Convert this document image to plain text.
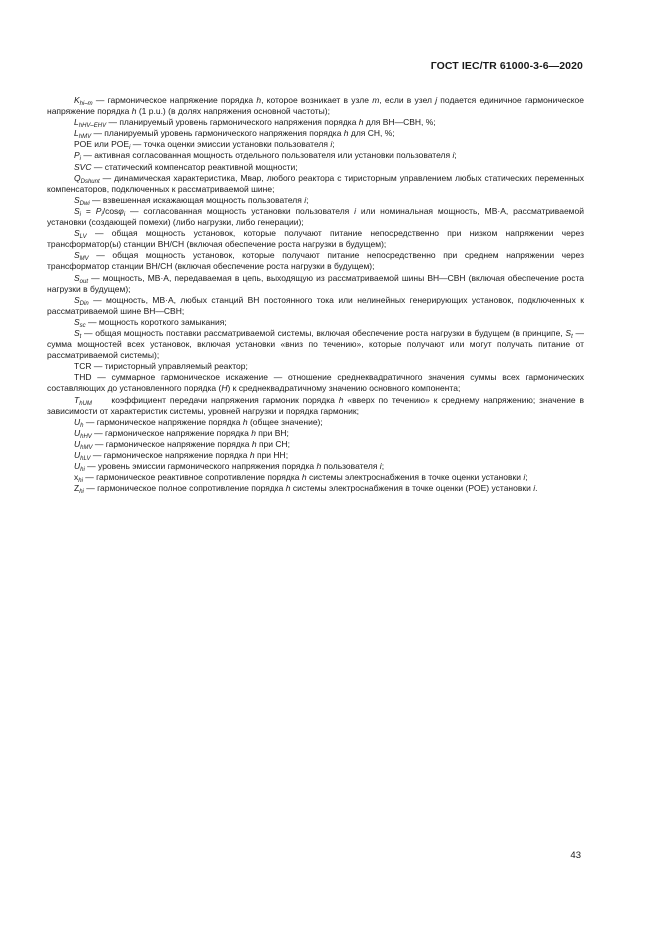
ГОСТ IEC/TR 61000-3-6—2020

$K_{hi-m}$ — гармоническое напряжение порядка h, которое возникает в узле m, если в узел j подается единичное гармоническое напряжение порядка h (1 p.u.) (в долях напряжения основной частоты);

$L_{hHV-EHV}$ — планируемый уровень гармонического напряжения порядка h для ВН—СВН, %;

$L_{hMV}$ — планируемый уровень гармонического напряжения порядка h для СН, %;

POE или $POE_i$ — точка оценки эмиссии установки пользователя i;

$P_i$ — активная согласованная мощность отдельного пользователя или установки пользователя i;

SVC — статический компенсатор реактивной мощности;

$Q_{Dshunt}$ — динамическая характеристика, Мвар, любого реактора с тиристорным управлением любых статических переменных компенсаторов, подключенных к рассматриваемой шине;

$S_{Dwi}$ — взвешенная искажающая мощность пользователя i;

$S_i = P_i/\cos\varphi_i$ — согласованная мощность установки пользователя i или номинальная мощность, МВ·А, рассматриваемой установки (создающей помехи) (либо нагрузки, либо генерации);

$S_{LV}$ — общая мощность установок, которые получают питание непосредственно при низком напряжении через трансформатор(ы) станции ВН/СН (включая обеспечение роста нагрузки в будущем);

$S_{MV}$ — общая мощность установок, которые получают питание непосредственно при среднем напряжении через трансформатор станции ВН/СН (включая обеспечение роста нагрузки в будущем);

$S_{out}$ — мощность, МВ·А, передаваемая в цепь, выходящую из рассматриваемой шины ВН—СВН (включая обеспечение роста нагрузки в будущем);

$S_{Din}$ — мощность, МВ·А, любых станций ВН постоянного тока или нелинейных генерирующих установок, подключенных к рассматриваемой шине ВН—СВН;

$S_{sc}$ — мощность короткого замыкания;

$S_t$ — общая мощность поставки рассматриваемой системы, включая обеспечение роста нагрузки в будущем (в принципе, $S_t$ — сумма мощностей всех установок, включая установки «вниз по течению», которые получают или могут получать питание от рассматриваемой системы);

TCR — тиристорный управляемый реактор;

THD — суммарное гармоническое искажение — отношение среднеквадратичного значения суммы всех гармонических составляющих до установленного порядка (H) к среднеквадратичному значению основного компонента;

$T_{hUM}$     коэффициент передачи напряжения гармоник порядка h «вверх по течению» к среднему напряжению; значение в зависимости от характеристик системы, уровней нагрузки и порядка гармоник;

$U_h$ — гармоническое напряжение порядка h (общее значение);

$U_{hHV}$ — гармоническое напряжение порядка h при ВН;

$U_{hMV}$ — гармоническое напряжение порядка h при СН;

$U_{hLV}$ — гармоническое напряжение порядка h при НН;

$U_{hi}$ — уровень эмиссии гармонического напряжения порядка h пользователя i;

$x_{hi}$ — гармоническое реактивное сопротивление порядка h системы электроснабжения в точке оценки установки i;

$Z_{hi}$ — гармоническое полное сопротивление порядка h системы электроснабжения в точке оценки (POE) установки i.

43
